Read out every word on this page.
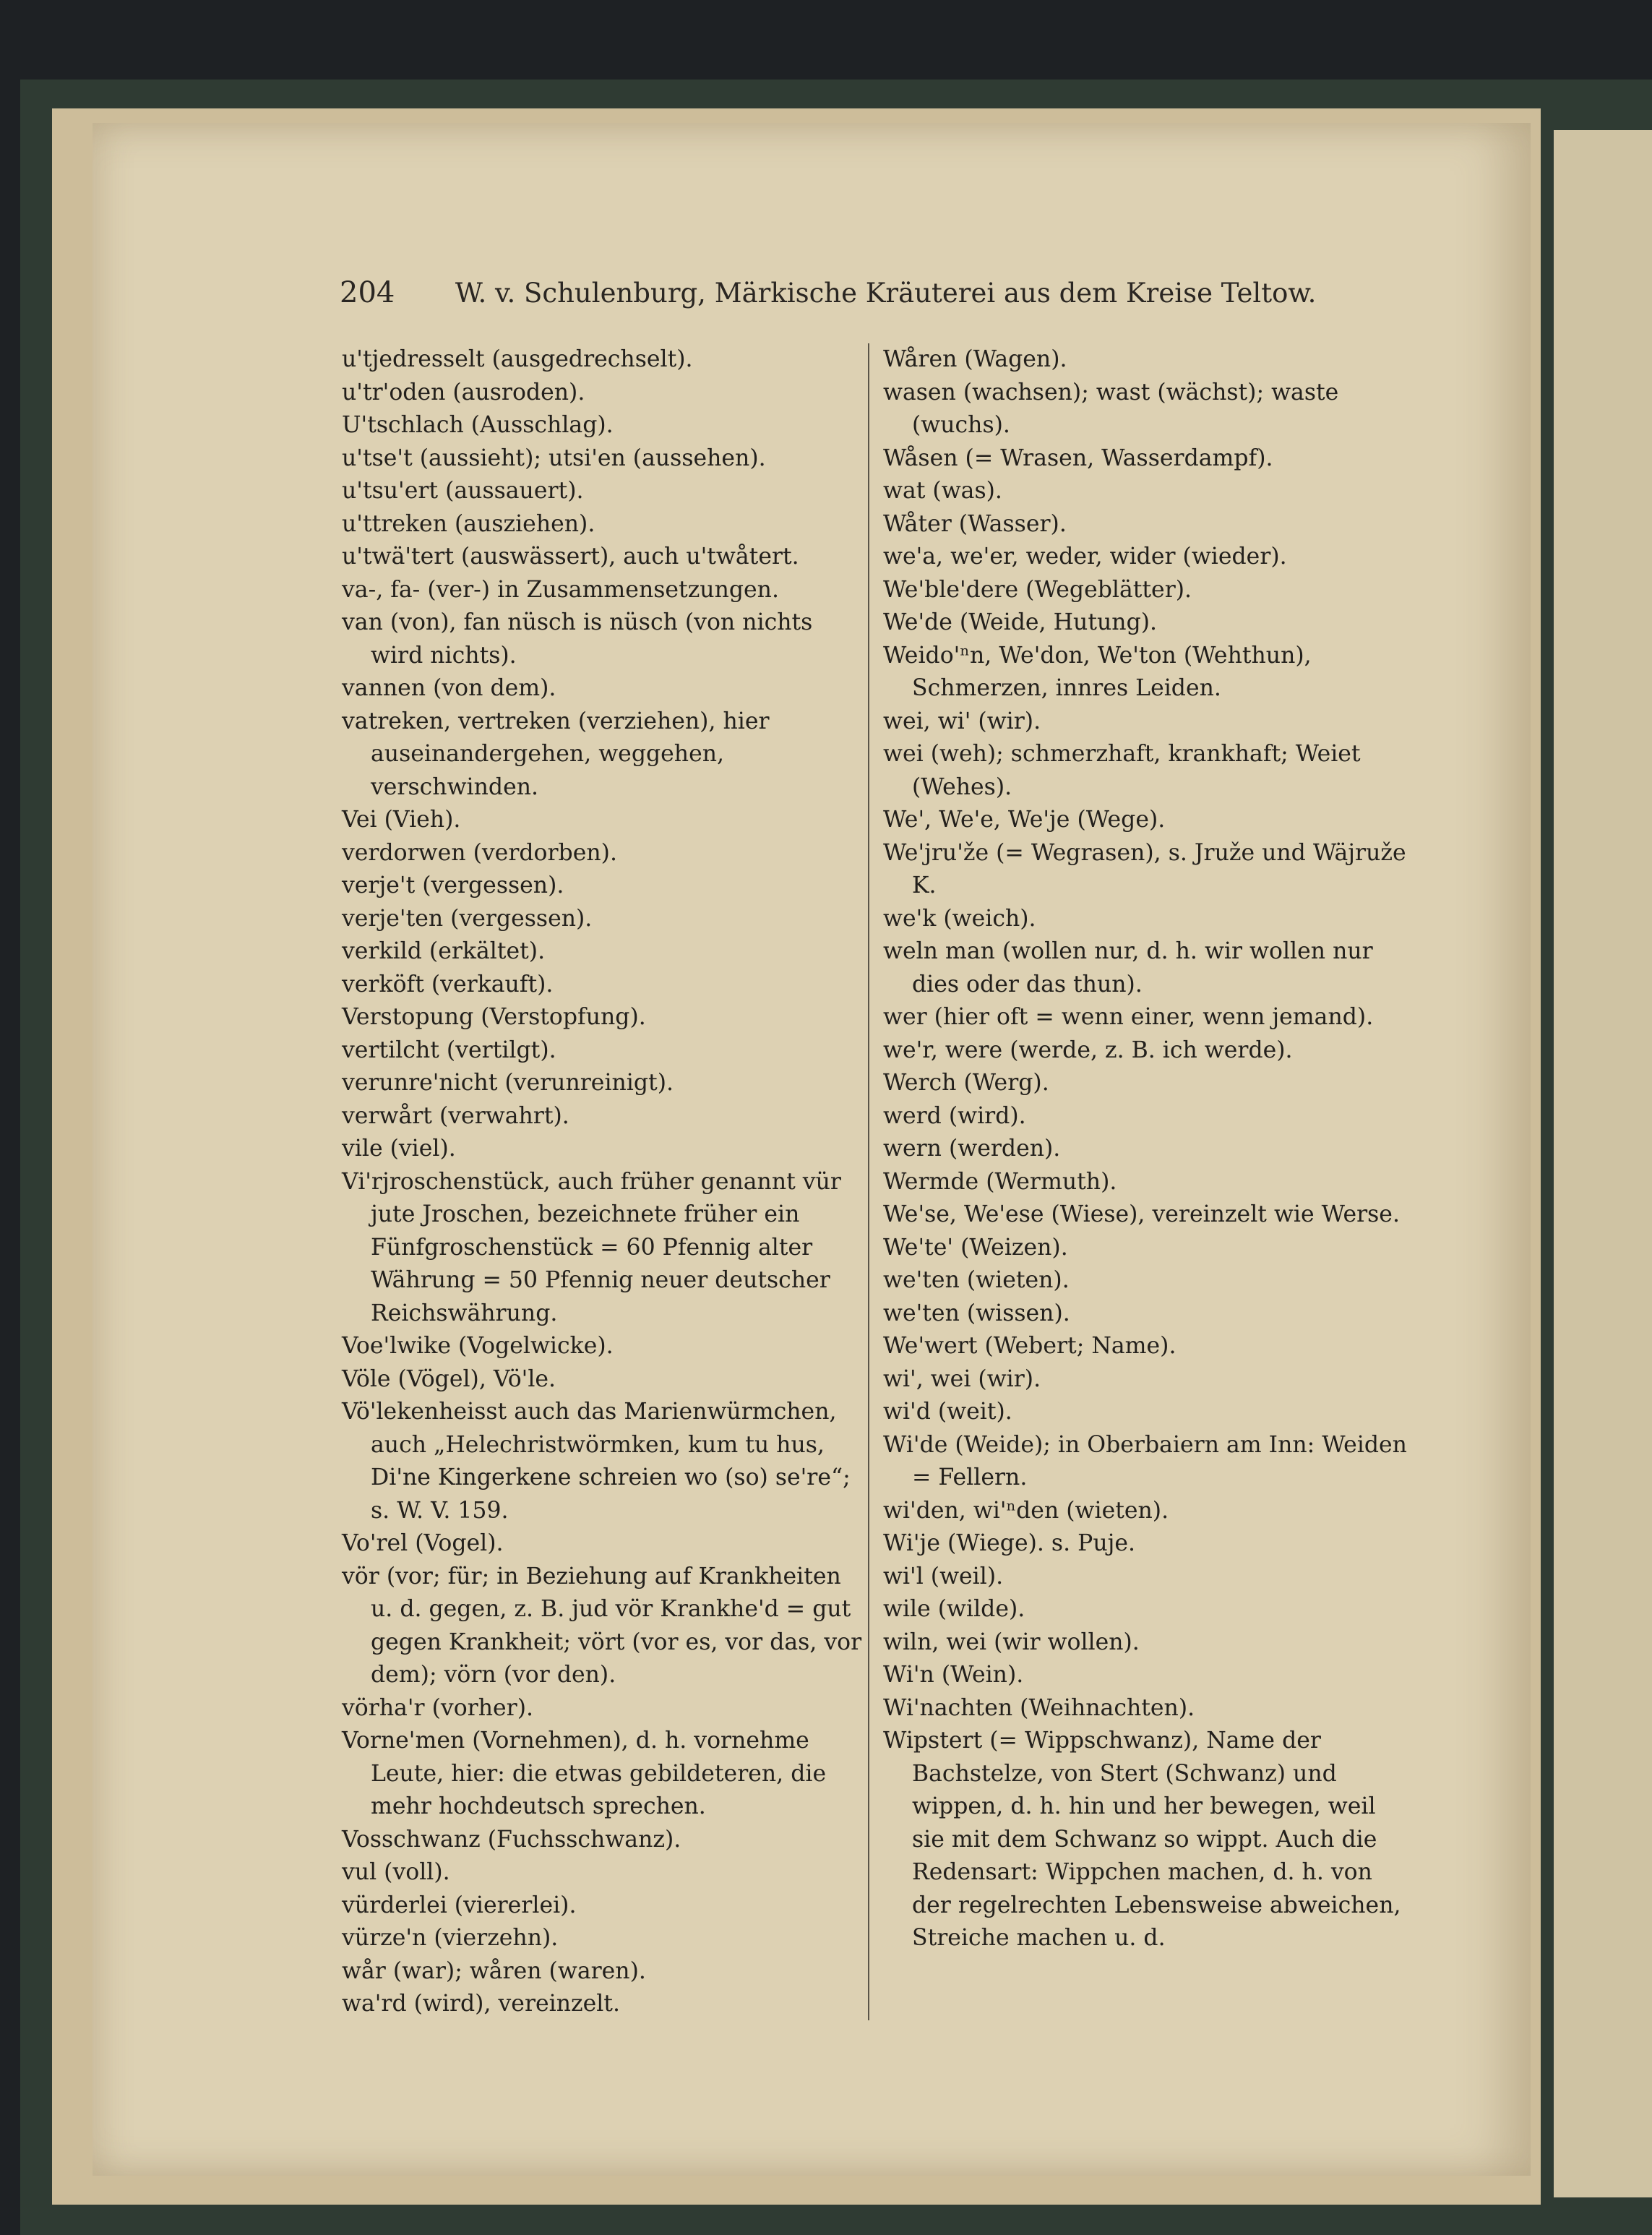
204 W. v. Schulenburg, Märkische Kräuterei aus dem Kreise Teltow.
u'tjedresselt (ausgedrechselt).
u'tr'oden (ausroden).
U'tschlach (Ausschlag).
u'tse't (aussieht); utsi'en (aussehen).
u'tsu'ert (aussauert).
u'ttreken (ausziehen).
u'twä'tert (auswässert), auch u'twåtert.
va-, fa- (ver-) in Zusammensetzungen.
van (von), fan nüsch is nüsch (von nichts wird nichts).
vannen (von dem).
vatreken, vertreken (verziehen), hier auseinandergehen, weggehen, verschwinden.
Vei (Vieh).
verdorwen (verdorben).
verje't (vergessen).
verje'ten (vergessen).
verkild (erkältet).
verköft (verkauft).
Verstopung (Verstopfung).
vertilcht (vertilgt).
verunre'nicht (verunreinigt).
verwårt (verwahrt).
vile (viel).
Vi'rjroschenstück, auch früher genannt vür jute Jroschen, bezeichnete früher ein Fünfgroschenstück = 60 Pfennig alter Währung = 50 Pfennig neuer deutscher Reichswährung.
Voe'lwike (Vogelwicke).
Völe (Vögel), Vö'le.
Vö'lekenheisst auch das Marienwürmchen, auch „Helechristwörmken, kum tu hus, Di'ne Kingerkene schreien wo (so) se're“; s. W. V. 159.
Vo'rel (Vogel).
vör (vor; für; in Beziehung auf Krankheiten u. d. gegen, z. B. jud vör Krankhe'd = gut gegen Krankheit; vört (vor es, vor das, vor dem); vörn (vor den).
vörha'r (vorher).
Vorne'men (Vornehmen), d. h. vornehme Leute, hier: die etwas gebildeteren, die mehr hochdeutsch sprechen.
Vosschwanz (Fuchsschwanz).
vul (voll).
vürderlei (viererlei).
vürze'n (vierzehn).
wår (war); wåren (waren).
wa'rd (wird), vereinzelt.
Wåren (Wagen).
wasen (wachsen); wast (wächst); waste (wuchs).
Wåsen (= Wrasen, Wasserdampf).
wat (was).
Wåter (Wasser).
we'a, we'er, weder, wider (wieder).
We'ble'dere (Wegeblätter).
We'de (Weide, Hutung).
Weido'ⁿn, We'don, We'ton (Wehthun), Schmerzen, innres Leiden.
wei, wi' (wir).
wei (weh); schmerzhaft, krankhaft; Weiet (Wehes).
We', We'e, We'je (Wege).
We'jru'že (= Wegrasen), s. Jruže und Wäjruže K.
we'k (weich).
weln man (wollen nur, d. h. wir wollen nur dies oder das thun).
wer (hier oft = wenn einer, wenn jemand).
we'r, were (werde, z. B. ich werde).
Werch (Werg).
werd (wird).
wern (werden).
Wermde (Wermuth).
We'se, We'ese (Wiese), vereinzelt wie Werse.
We'te' (Weizen).
we'ten (wieten).
we'ten (wissen).
We'wert (Webert; Name).
wi', wei (wir).
wi'd (weit).
Wi'de (Weide); in Oberbaiern am Inn: Weiden = Fellern.
wi'den, wi'ⁿden (wieten).
Wi'je (Wiege). s. Puje.
wi'l (weil).
wile (wilde).
wiln, wei (wir wollen).
Wi'n (Wein).
Wi'nachten (Weihnachten).
Wipstert (= Wippschwanz), Name der Bachstelze, von Stert (Schwanz) und wippen, d. h. hin und her bewegen, weil sie mit dem Schwanz so wippt. Auch die Redensart: Wippchen machen, d. h. von der regelrechten Lebensweise abweichen, Streiche machen u. d.
